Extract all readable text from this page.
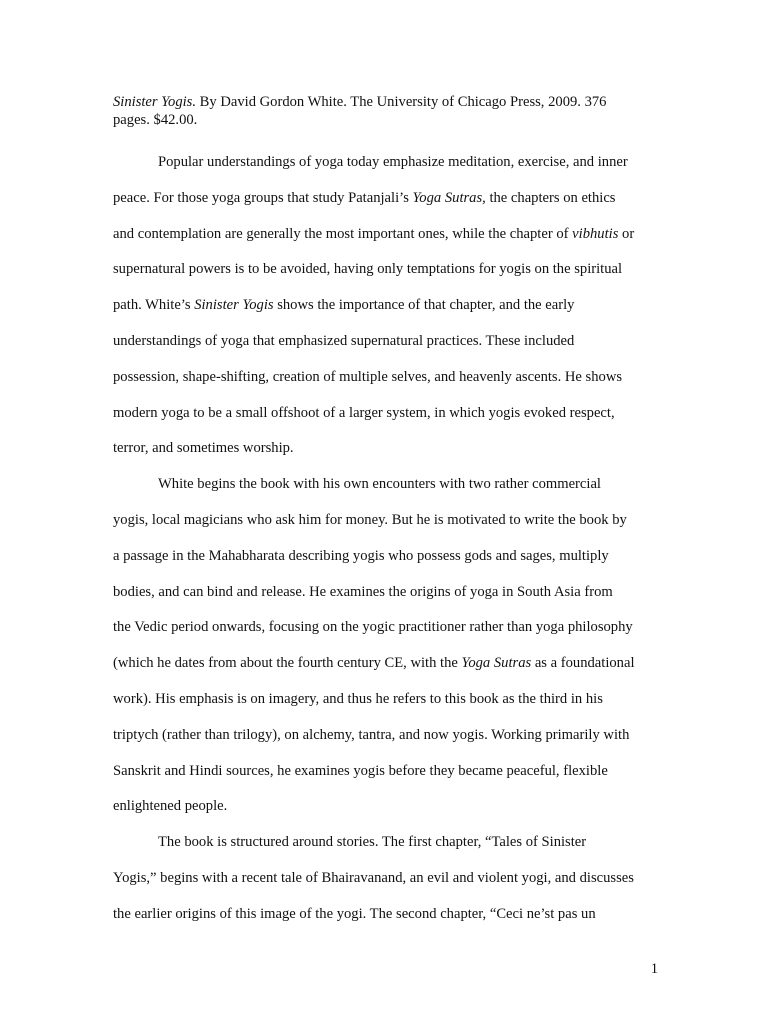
Sinister Yogis. By David Gordon White. The University of Chicago Press, 2009. 376
pages. $42.00.
Popular understandings of yoga today emphasize meditation, exercise, and inner
peace. For those yoga groups that study Patanjali’s Yoga Sutras, the chapters on ethics
and contemplation are generally the most important ones, while the chapter of vibhutis or
supernatural powers is to be avoided, having only temptations for yogis on the spiritual
path. White’s Sinister Yogis shows the importance of that chapter, and the early
understandings of yoga that emphasized supernatural practices. These included
possession, shape-shifting, creation of multiple selves, and heavenly ascents. He shows
modern yoga to be a small offshoot of a larger system, in which yogis evoked respect,
terror, and sometimes worship.
White begins the book with his own encounters with two rather commercial
yogis, local magicians who ask him for money. But he is motivated to write the book by
a passage in the Mahabharata describing yogis who possess gods and sages, multiply
bodies, and can bind and release. He examines the origins of yoga in South Asia from
the Vedic period onwards, focusing on the yogic practitioner rather than yoga philosophy
(which he dates from about the fourth century CE, with the Yoga Sutras as a foundational
work). His emphasis is on imagery, and thus he refers to this book as the third in his
triptych (rather than trilogy), on alchemy, tantra, and now yogis. Working primarily with
Sanskrit and Hindi sources, he examines yogis before they became peaceful, flexible
enlightened people.
The book is structured around stories. The first chapter, “Tales of Sinister
Yogis,” begins with a recent tale of Bhairavanand, an evil and violent yogi, and discusses
the earlier origins of this image of the yogi. The second chapter, “Ceci ne’st pas un
1
